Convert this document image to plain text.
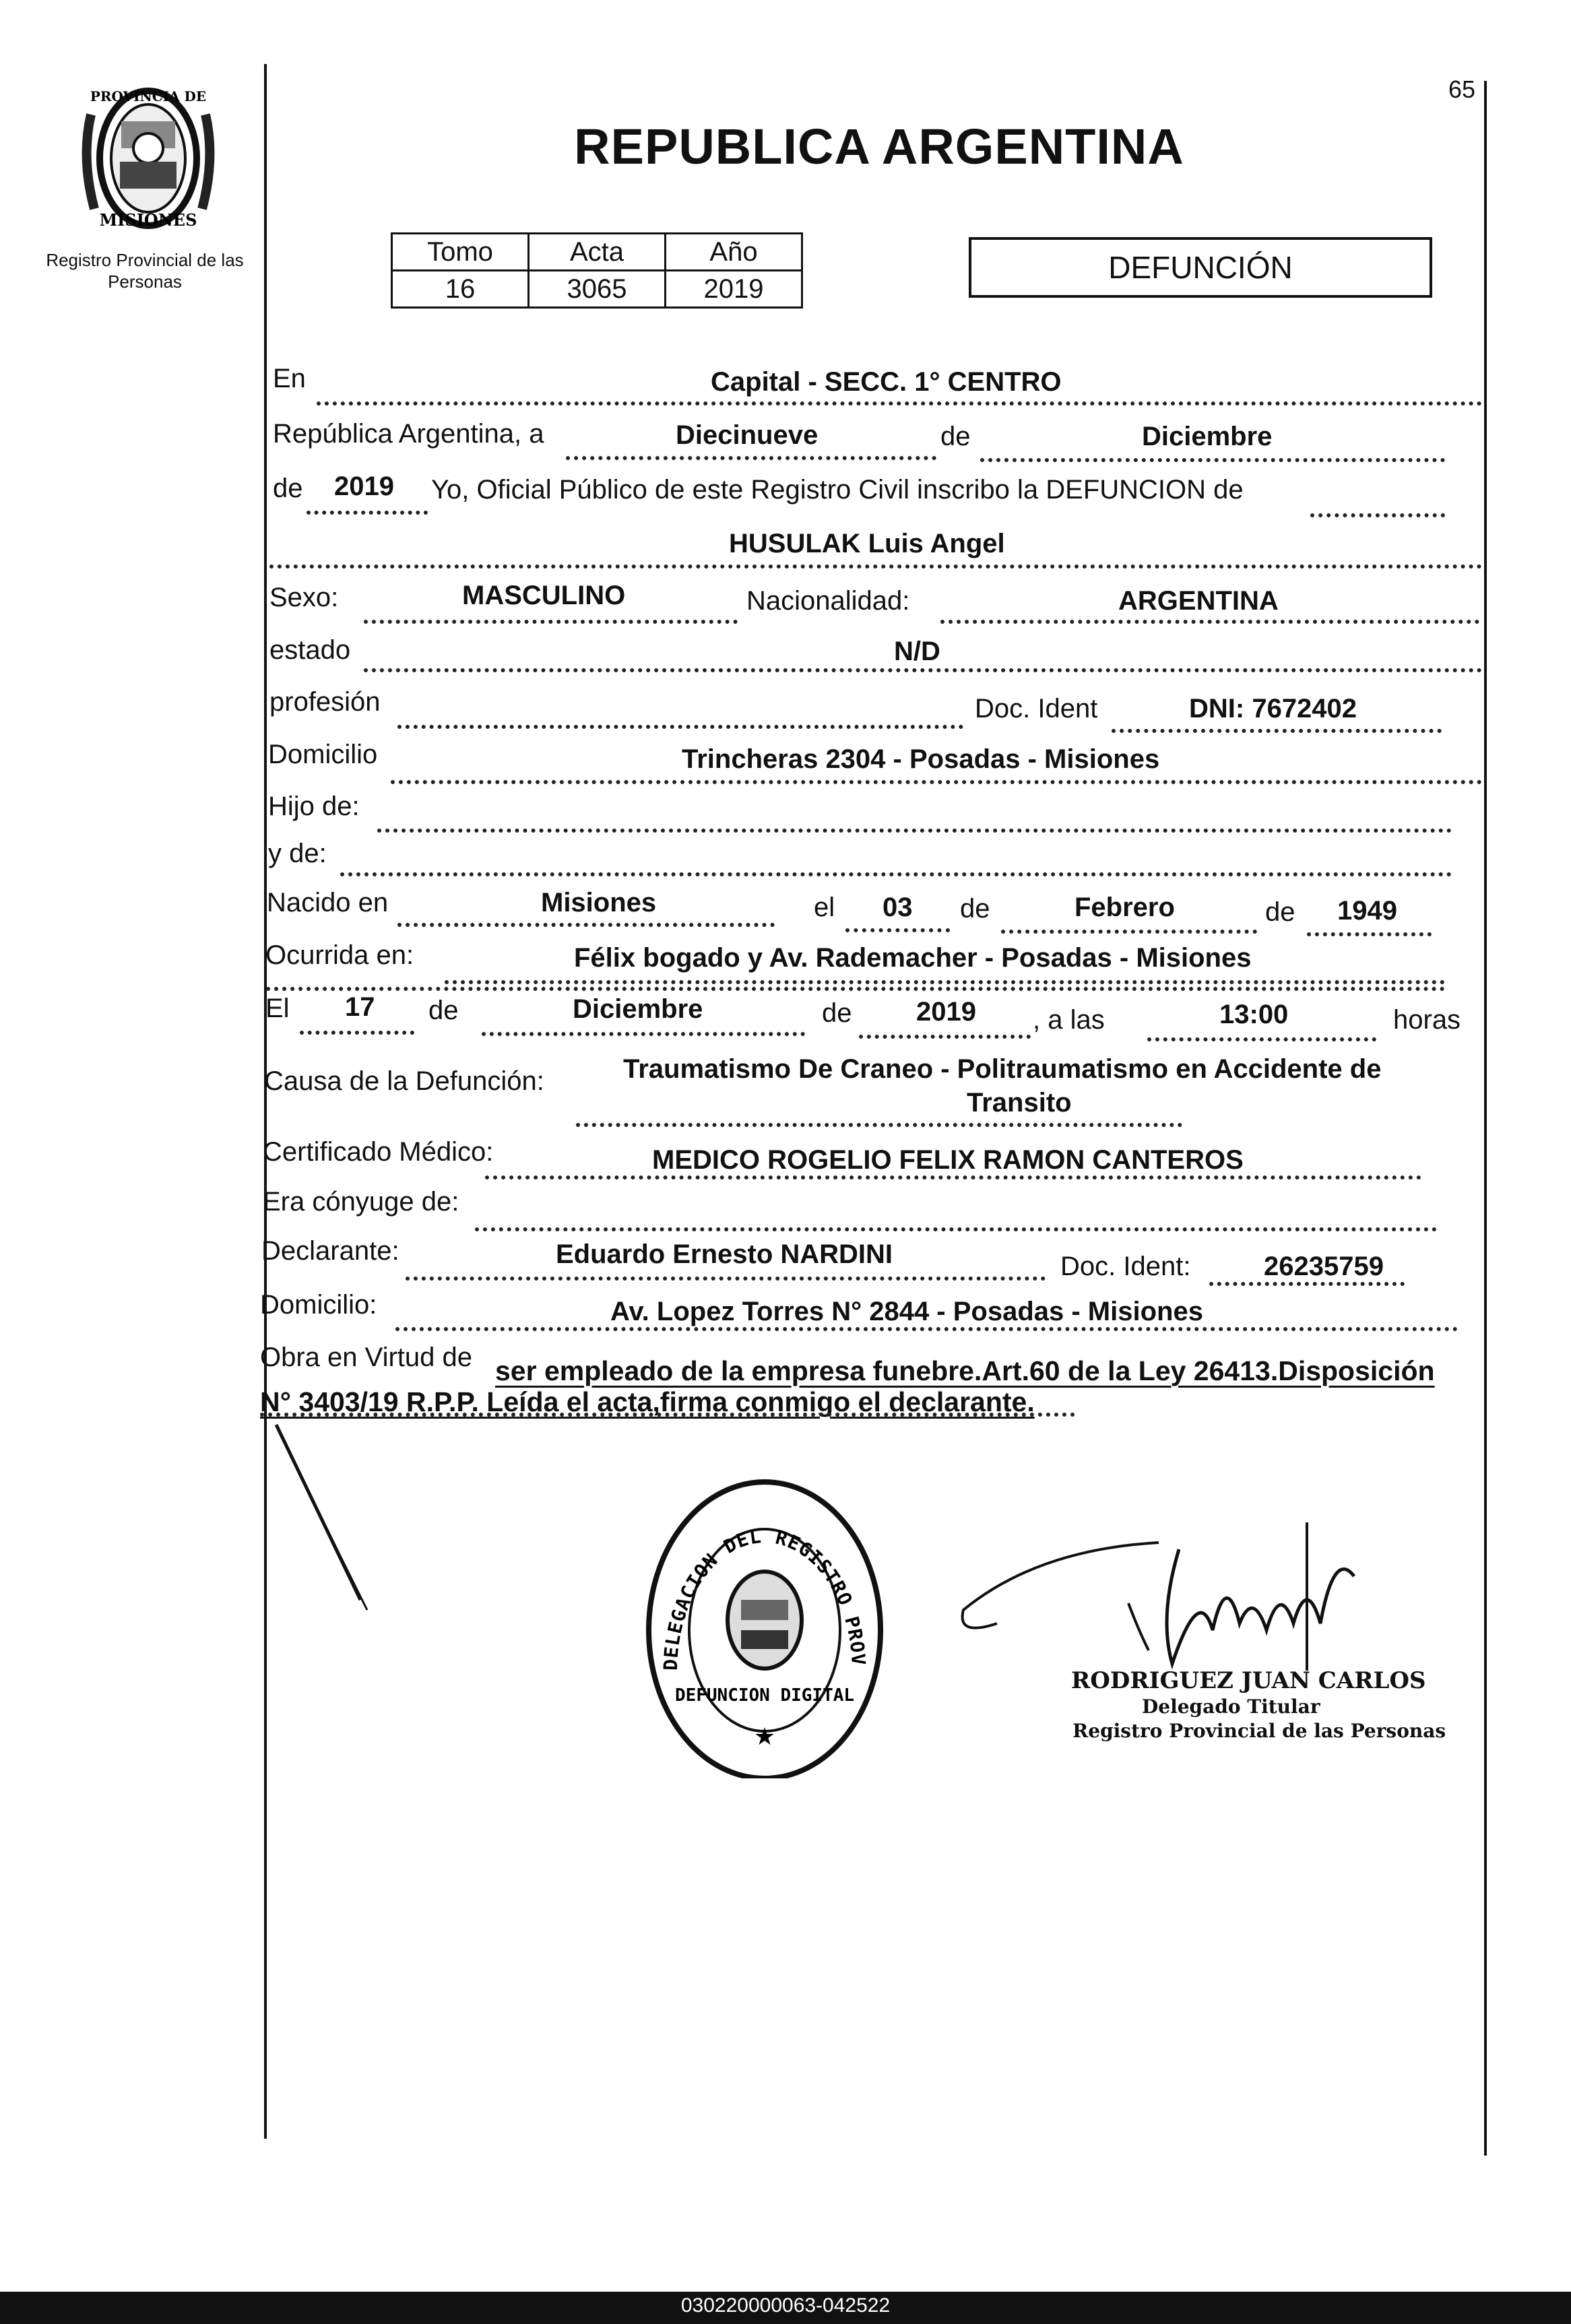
65
PROVINCIA DE
MISIONES
Registro Provincial de las Personas
REPUBLICA ARGENTINA
Tomo	Acta	Año
16	3065	2019
DEFUNCIÓN
En	Capital - SECC. 1° CENTRO
República Argentina, a	Diecinueve	de	Diciembre
de 2019 Yo, Oficial Público de este Registro Civil inscribo la DEFUNCION de
HUSULAK Luis Angel
Sexo:	MASCULINO	Nacionalidad:	ARGENTINA
estado	N/D
profesión	Doc. Ident	DNI: 7672402
Domicilio	Trincheras 2304 - Posadas - Misiones
Hijo de:
y de:
Nacido en	Misiones	el 03 de	Febrero	de 1949
Ocurrida en:	Félix bogado y Av. Rademacher - Posadas - Misiones
El 17 de	Diciembre	de 2019 , a las	13:00	horas
Causa de la Defunción:	Traumatismo De Craneo - Politraumatismo en Accidente de
Transito
Certificado Médico:	MEDICO ROGELIO FELIX RAMON CANTEROS
Era cónyuge de:
Declarante:	Eduardo Ernesto NARDINI	Doc. Ident:	26235759
Domicilio:	Av. Lopez Torres N° 2844 - Posadas - Misiones
Obra en Virtud de ser empleado de la empresa funebre.Art.60 de la Ley 26413.Disposición
N° 3403/19 R.P.P. Leída el acta,firma conmigo el declarante.
DELEGACION DEL REGISTRO PROV
DEFUNCION DIGITAL
★
RODRIGUEZ JUAN CARLOS
Delegado Titular
Registro Provincial de las Personas
030220000063-042522
